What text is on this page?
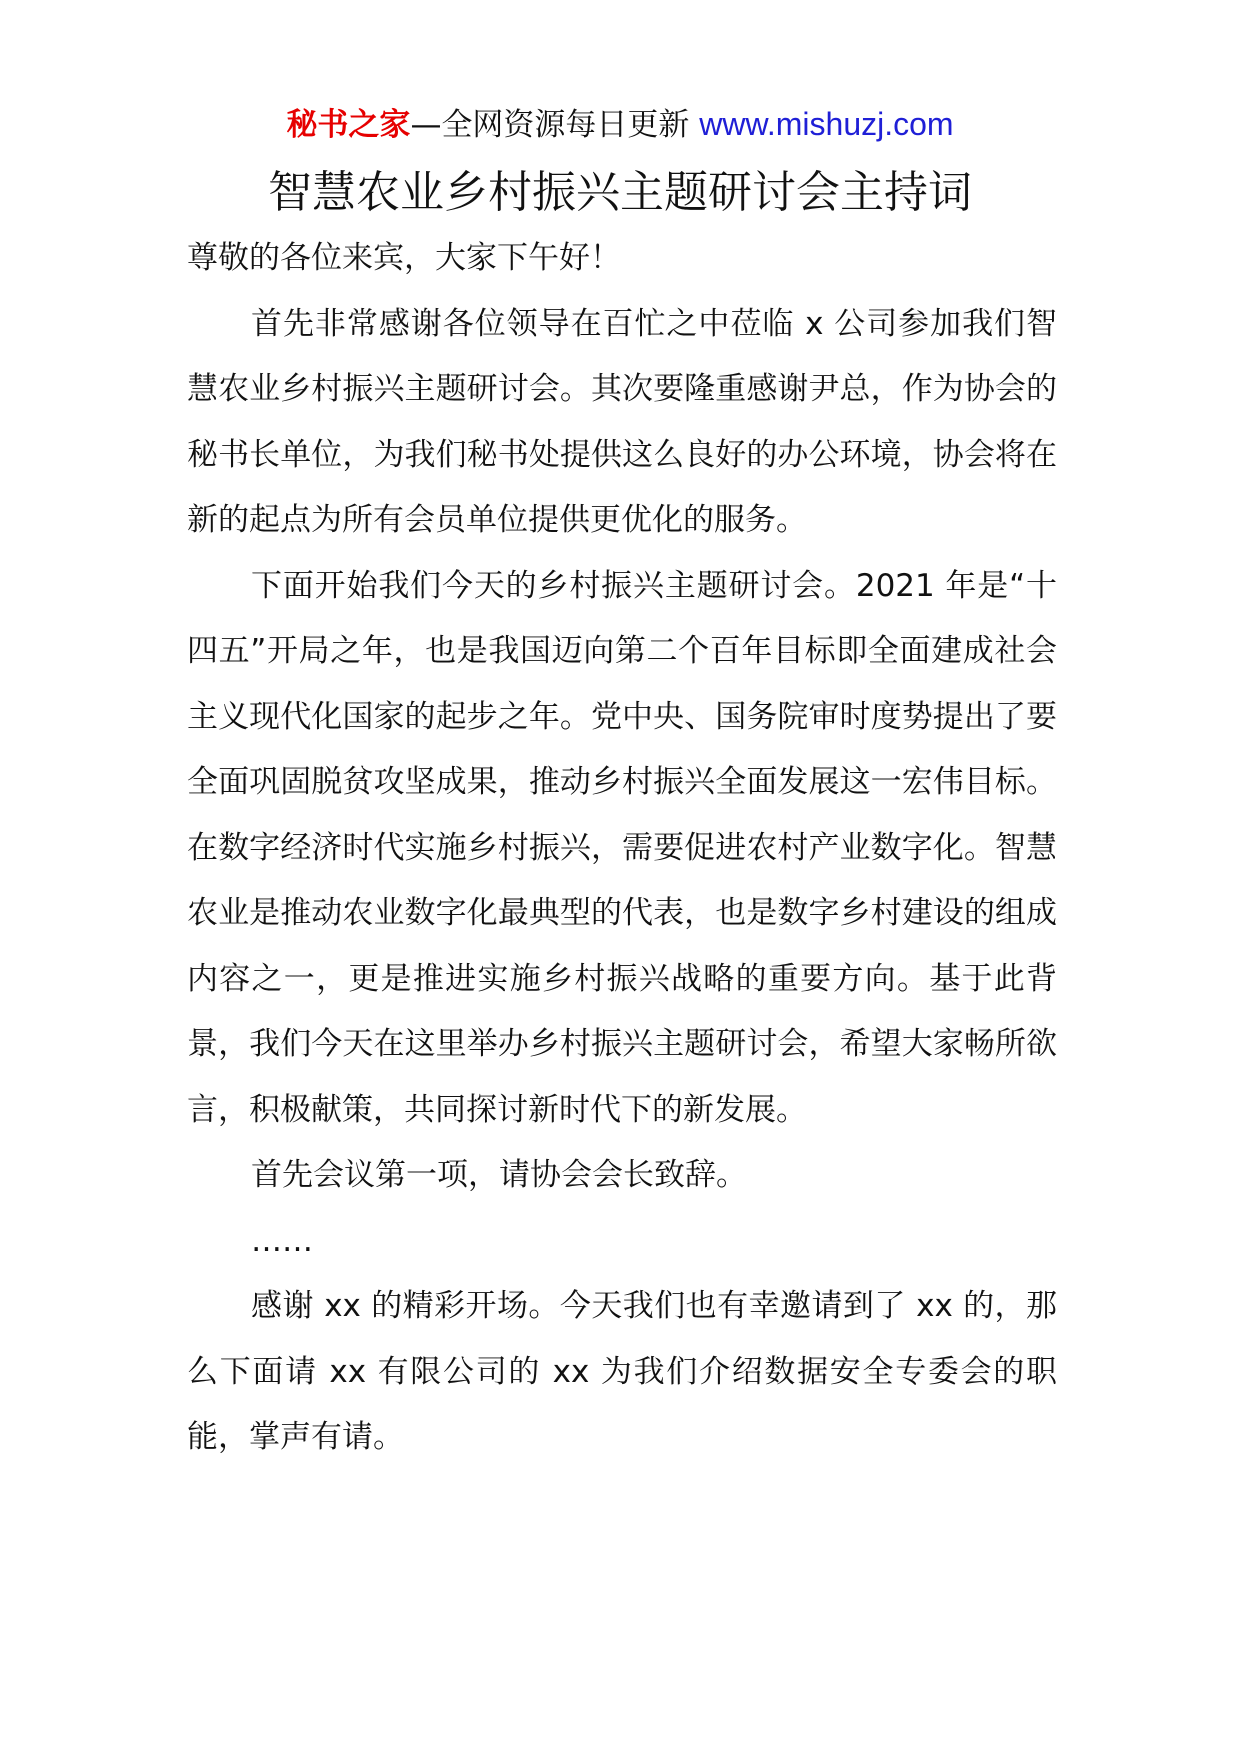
秘书之家—全网资源每日更新 www.mishuzj.com
智慧农业乡村振兴主题研讨会主持词

尊敬的各位来宾，大家下午好！

首先非常感谢各位领导在百忙之中莅临 x 公司参加我们智慧农业乡村振兴主题研讨会。其次要隆重感谢尹总，作为协会的秘书长单位，为我们秘书处提供这么良好的办公环境，协会将在新的起点为所有会员单位提供更优化的服务。

下面开始我们今天的乡村振兴主题研讨会。2021 年是“十四五”开局之年，也是我国迈向第二个百年目标即全面建成社会主义现代化国家的起步之年。党中央、国务院审时度势提出了要全面巩固脱贫攻坚成果，推动乡村振兴全面发展这一宏伟目标。在数字经济时代实施乡村振兴，需要促进农村产业数字化。智慧农业是推动农业数字化最典型的代表，也是数字乡村建设的组成内容之一，更是推进实施乡村振兴战略的重要方向。基于此背景，我们今天在这里举办乡村振兴主题研讨会，希望大家畅所欲言，积极献策，共同探讨新时代下的新发展。

首先会议第一项，请协会会长致辞。

……

感谢 xx 的精彩开场。今天我们也有幸邀请到了 xx 的，那么下面请 xx 有限公司的 xx 为我们介绍数据安全专委会的职能，掌声有请。
